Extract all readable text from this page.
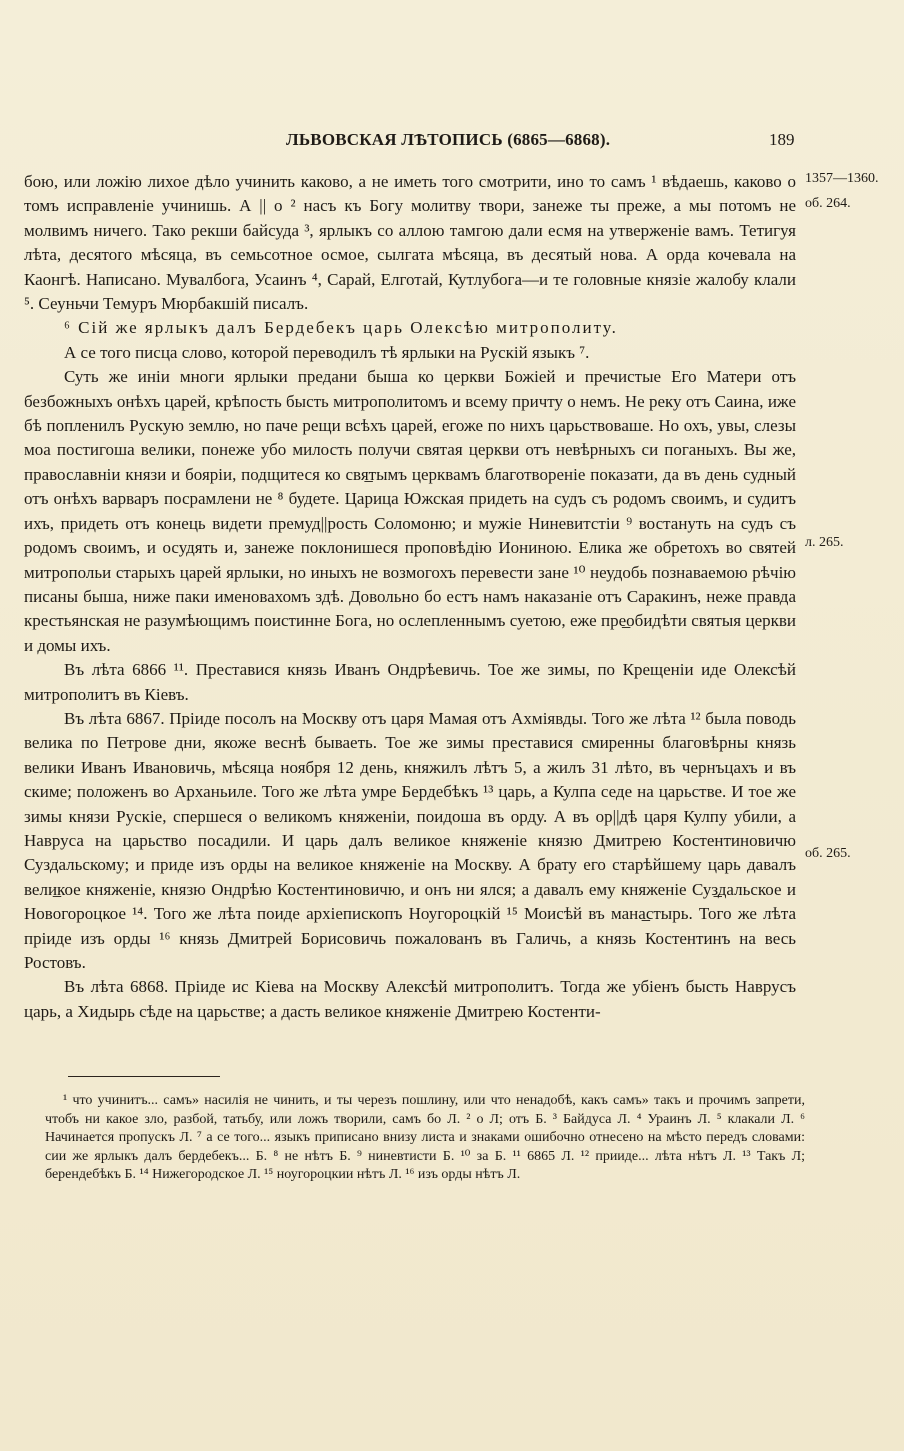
ЛЬВОВСКАЯ ЛѢТОПИСЬ (6865—6868).	189
1357—1360.
об. 264.
л. 265.
об. 265.

бою, или ложію лихое дѣло учинить каково, а не иметь того смотрити, ино то самъ ¹ вѣдаешь, каково о томъ исправленіе учинишь. А || о ² насъ къ Богу молитву твори, занеже ты преже, а мы потомъ не молвимъ ничего. Тако рекши байсуда ³, ярлыкъ со аллою тамгою дали есмя на утверженіе вамъ. Тетигуя лѣта, десятого мѣсяца, въ семьсотное осмое, сылгата мѣсяца, въ десятый нова. А орда кочевала на Каонгѣ. Написано. Мувалбога, Усаинъ ⁴, Сарай, Елготай, Кутлубога—и те головные князіе жалобу клали ⁵. Сеуньчи Темуръ Мюрбакшій писалъ.

⁶ Сій же ярлыкъ далъ Бердебекъ царь Олексѣю митрополиту.

А се того писца слово, которой переводилъ тѣ ярлыки на Рускій языкъ ⁷.

Суть же иніи многи ярлыки предани быша ко церкви Божіей и пречистые Его Матери отъ безбожныхъ онѣхъ царей, крѣпость бысть митрополитомъ и всему причту о немъ. Не реку отъ Саина, иже бѣ попленилъ Рускую землю, но паче рещи всѣхъ царей, егоже по нихъ царьствоваше. Но охъ, увы, слезы моа постигоша велики, понеже убо милость получи святая церкви отъ невѣрныхъ си поганыхъ. Вы же, православніи князи и бояріи, подщитеся ко свя̲тымъ церквамъ благотвореніе показати, да въ день судный отъ онѣхъ варваръ посрамлени не ⁸ будете. Царица Южская придеть на судъ съ родомъ своимъ, и судитъ ихъ, придеть отъ конець видети премуд||рость Соломоню; и мужіе Ниневитстіи ⁹ востануть на судъ съ родомъ своимъ, и осудять и, занеже поклонишеся проповѣдію Иониною. Елика же обретохъ во святей митропольи старыхъ царей ярлыки, но иныхъ не возмогохъ перевести зане ¹⁰ неудобь познаваемою рѣчію писаны быша, ниже паки именовахомъ здѣ. Довольно бо естъ намъ наказаніе отъ Саракинъ, неже правда крестьянская не разумѣющимъ поистинне Бога, но ослепленнымъ суетою, еже пре̲обидѣти святыя церкви и домы ихъ.

Въ лѣта 6866 ¹¹. Преставися князь Иванъ Ондрѣевичь. Тое же зимы, по Крещеніи иде Олексѣй митрополитъ въ Кіевъ.

Въ лѣта 6867. Пріиде посолъ на Москву отъ царя Мамая отъ Ахміявды. Того же лѣта ¹² была поводь велика по Петрове дни, якоже веснѣ бываеть. Тое же зимы преставися смиренны благовѣрны князь велики Иванъ Ивановичь, мѣсяца ноября 12 день, княжилъ лѣтъ 5, а жилъ 31 лѣто, въ чернъцахъ и въ скиме; положенъ во Арханьиле. Того же лѣта умре Бердебѣкъ ¹³ царь, а Кулпа седе на царьстве. И тое же зимы князи Рускіе, спершеся о великомъ княженіи, поидоша въ орду. А въ ор||дѣ царя Кулпу убили, а Навруса на царьство посадили. И царь далъ великое княженіе князю Дмитрею Костентиновичю Суздальскому; и приде изъ орды на великое княженіе на Москву. А брату его старѣйшему царь давалъ вели̲кое княженіе, князю Ондрѣю Костентиновичю, и онъ ни ялся; а давалъ ему княженіе Суз̲дальское и Новогороцкое ¹⁴. Того же лѣта поиде архіепископъ Ноугороцкій ¹⁵ Моисѣй въ мана̲стырь. Того же лѣта пріиде изъ орды ¹⁶ князь Дмитрей Борисовичь пожалованъ въ Галичь, а князь Костентинъ на весь Ростовъ.

Въ лѣта 6868. Пріиде ис Кіева на Москву Алексѣй митрополитъ. Тогда же убіенъ бысть Наврусъ царь, а Хидырь сѣде на царьстве; а дасть великое княженіе Дмитрею Костенти-

¹ что учинитъ... самъ» насилія не чинить, и ты черезъ пошлину, или что ненадобѣ, какъ самъ» такъ и прочимъ запрети, чтобъ ни какое зло, разбой, татьбу, или ложъ творили, самъ бо Л. ² о Л; отъ Б. ³ Байдуса Л. ⁴ Ураинъ Л. ⁵ клакали Л. ⁶ Начинается пропускъ Л. ⁷ а се того... языкъ приписано внизу листа и знаками ошибочно отнесено на мѣсто передъ словами: сии же ярлыкъ далъ бердебекъ... Б. ⁸ не нѣтъ Б. ⁹ ниневтисти Б. ¹⁰ за Б. ¹¹ 6865 Л. ¹² прииде... лѣта нѣтъ Л. ¹³ Такъ Л; берендебѣкъ Б. ¹⁴ Нижегородское Л. ¹⁵ ноугороцкии нѣтъ Л. ¹⁶ изъ орды нѣтъ Л.
